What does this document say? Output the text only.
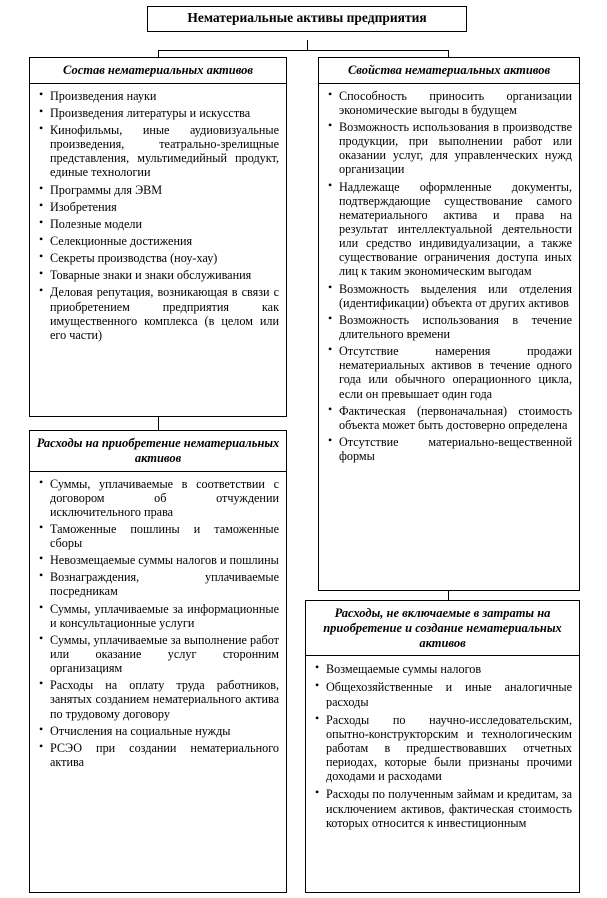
Нематериальные активы предприятия
Состав нематериальных активов
• Произведения науки
• Произведения литературы и искусства
• Кинофильмы, иные аудиовизуальные произведения, театрально-зрелищные представления, мультимедийный продукт, единые технологии
• Программы для ЭВМ
• Изобретения
• Полезные модели
• Селекционные достижения
• Секреты производства (ноу-хау)
• Товарные знаки и знаки обслуживания
• Деловая репутация, возникающая в связи с приобретением предприятия как имущественного комплекса (в целом или его части)
Свойства нематериальных активов
• Способность приносить организации экономические выгоды в будущем
• Возможность использования в производстве продукции, при выполнении работ или оказании услуг, для управленческих нужд организации
• Надлежаще оформленные документы, подтверждающие существование самого нематериального актива и права на результат интеллектуальной деятельности или средство индивидуализации, а также существование ограничения доступа иных лиц к таким экономическим выгодам
• Возможность выделения или отделения (идентификации) объекта от других активов
• Возможность использования в течение длительного времени
• Отсутствие намерения продажи нематериальных активов в течение одного года или обычного операционного цикла, если он превышает один года
• Фактическая (первоначальная) стоимость объекта может быть достоверно определена
• Отсутствие материально-вещественной формы
Расходы на приобретение нематериальных активов
• Суммы, уплачиваемые в соответствии с договором об отчуждении исключительного права
• Таможенные пошлины и таможенные сборы
• Невозмещаемые суммы налогов и пошлины
• Вознаграждения, уплачиваемые посредникам
• Суммы, уплачиваемые за информационные и консультационные услуги
• Суммы, уплачиваемые за выполнение работ или оказание услуг сторонним организациям
• Расходы на оплату труда работников, занятых созданием нематериального актива по трудовому договору
• Отчисления на социальные нужды
• РСЭО при создании нематериального актива
Расходы, не включаемые в затраты на приобретение и создание нематериальных активов
• Возмещаемые суммы налогов
• Общехозяйственные и иные аналогичные расходы
• Расходы по научно-исследовательским, опытно-конструкторским и технологическим работам в предшествовавших отчетных периодах, которые были признаны прочими доходами и расходами
• Расходы по полученным займам и кредитам, за исключением активов, фактическая стоимость которых относится к инвестиционным
